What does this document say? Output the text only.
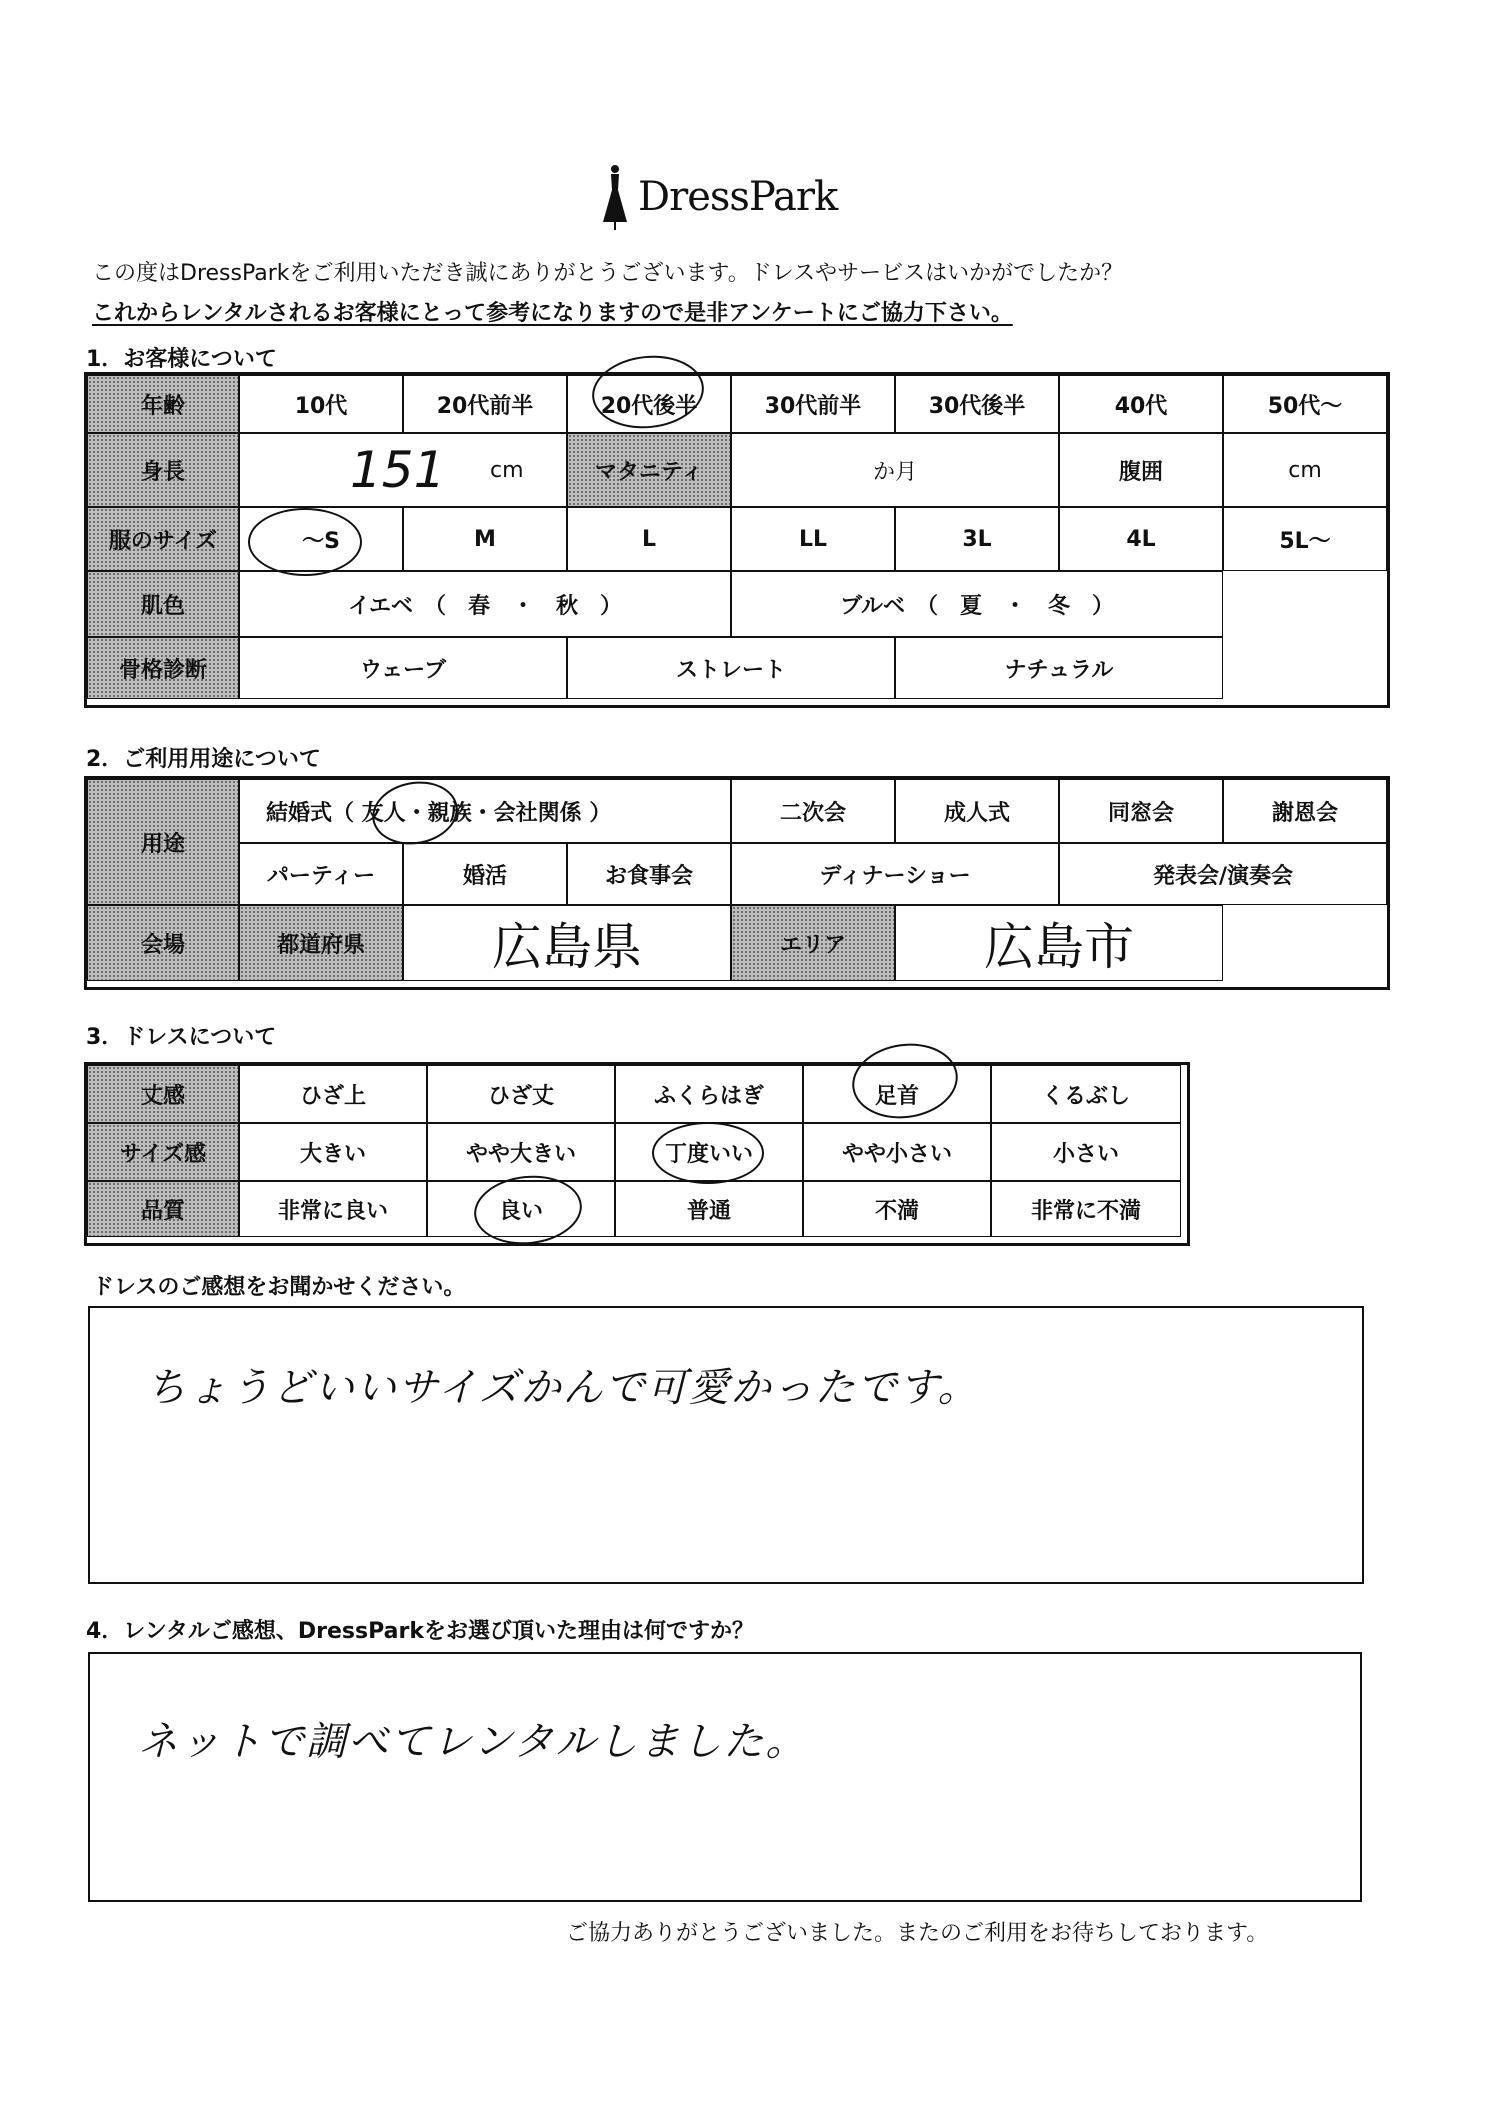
DressPark
この度はDressParkをご利用いただき誠にありがとうございます。ドレスやサービスはいかがでしたか？
これからレンタルされるお客様にとって参考になりますので是非アンケートにご協力下さい。
1．お客様について
年齢	10代	20代前半	20代後半	30代前半	30代後半	40代	50代～
身長	151	cm	マタニティ	か月	腹囲	cm
服のサイズ	～S	M	L	LL	3L	4L	5L～
肌色	イエベ　（　春　・　秋　）	ブルベ　（　夏　・　冬　）
骨格診断	ウェーブ	ストレート	ナチュラル
2．ご利用用途について
用途
結婚式（ 友人・親族・会社関係 ）	二次会	成人式	同窓会	謝恩会
パーティー	婚活	お食事会	ディナーショー	発表会/演奏会
会場	都道府県	広島県	エリア	広島市
3．ドレスについて
丈感	ひざ上	ひざ丈	ふくらはぎ	足首	くるぶし
サイズ感	大きい	やや大きい	丁度いい	やや小さい	小さい
品質	非常に良い	良い	普通	不満	非常に不満
ドレスのご感想をお聞かせください。
ちょうどいいサイズかんで可愛かったです。
4．レンタルご感想、DressParkをお選び頂いた理由は何ですか？
ネットで調べてレンタルしました。
ご協力ありがとうございました。またのご利用をお待ちしております。
